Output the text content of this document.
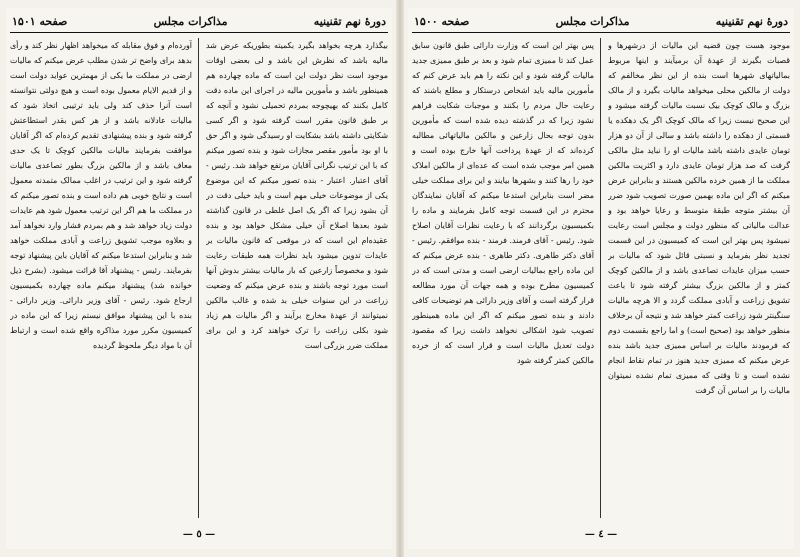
دورهٔ نهم تقنینیه
مذاکرات مجلس
صفحه ۱۵۰۱

بیگذارد هرچه بخواهد بگیرد بکمیته بطوریکه عرض شد مالیه باشد که نظرش این باشد و لی بعضی اوقات موجود است نظر دولت این است که ماده چهارده هم همینطور باشد و مأمورین مالیه در اجرای این ماده دقت کامل بکنند که بهیچوجه بمردم تحمیلی نشود و آنچه که بر طبق قانون مقرر است گرفته شود و اگر کسی شکایتی داشته باشد بشکایت او رسیدگی شود و اگر حق با او بود مأمور مقصر مجازات شود و بنده تصور میکنم که با این ترتیب نگرانی آقایان مرتفع خواهد شد. رئیس - آقای اعتبار. اعتبار - بنده تصور میکنم که این موضوع یکی از موضوعات خیلی مهم است و باید خیلی دقت در آن بشود زیرا که اگر یک اصل غلطی در قانون گذاشته شود بعدها اصلاح آن خیلی مشکل خواهد بود و بنده عقیده‌ام این است که در موقعی که قانون مالیات بر عایدات تدوین میشود باید نظرات همه طبقات رعایت شود و مخصوصاً زارعین که بار مالیات بیشتر بدوش آنها است مورد توجه باشند و بنده عرض میکنم که وضعیت زراعت در این سنوات خیلی بد شده و غالب مالکین نمیتوانند از عهدهٔ مخارج برآیند و اگر مالیات هم زیاد شود بکلی زراعت را ترک خواهند کرد و این برای مملکت ضرر بزرگی است

آورده‌ام و فوق مقابله که میخواهد اظهار نظر کند و رأی بدهد برای واضح تر شدن مطلب عرض میکنم که مالیات ارضی در مملکت ما یکی از مهمترین عواید دولت است و از قدیم الایام معمول بوده است و هیچ دولتی نتوانسته است آنرا حذف کند ولی باید ترتیبی اتخاذ شود که مالیات عادلانه باشد و از هر کس بقدر استطاعتش گرفته شود و بنده پیشنهادی تقدیم کرده‌ام که اگر آقایان موافقت بفرمایند مالیات مالکین کوچک تا یک حدی معاف باشد و از مالکین بزرگ بطور تصاعدی مالیات گرفته شود و این ترتیب در اغلب ممالک متمدنه معمول است و نتایج خوبی هم داده است و بنده تصور میکنم که در مملکت ما هم اگر این ترتیب معمول شود هم عایدات دولت زیاد خواهد شد و هم بمردم فشار وارد نخواهد آمد و بعلاوه موجب تشویق زراعت و آبادی مملکت خواهد شد و بنابراین استدعا میکنم که آقایان باین پیشنهاد توجه بفرمایند. رئیس - پیشنهاد آقا قرائت میشود. (بشرح ذیل خوانده شد) پیشنهاد میکنم ماده چهارده بکمیسیون ارجاع شود. رئیس - آقای وزیر دارائی. وزیر دارائی - بنده با این پیشنهاد موافق نیستم زیرا که این ماده در کمیسیون مکرر مورد مذاکره واقع شده است و ارتباط آن با مواد دیگر ملحوظ گردیده

— ٥ —
دورهٔ نهم تقنینیه
مذاکرات مجلس
صفحه ۱۵۰۰

موجود هست چون قضیه این مالیات از درشهرها و قصبات بگیرند از عهدهٔ آن برمیآیند و اینها مربوط بمالیاتهای شهرها است بنده از این نظر مخالفم که دولت از مالکین محلی میخواهد مالیات بگیرد و از مالک بزرگ و مالک کوچک بیک نسبت مالیات گرفته میشود و این صحیح نیست زیرا که مالک کوچک اگر یک دهکده یا قسمتی از دهکده را داشته باشد و سالی از آن دو هزار تومان عایدی داشته باشد مالیات او را نباید مثل مالکی گرفت که صد هزار تومان عایدی دارد و اکثریت مالکین مملکت ما از همین خرده مالکین هستند و بنابراین عرض میکنم که اگر این ماده بهمین صورت تصویب شود ضرر آن بیشتر متوجه طبقهٔ متوسط و رعایا خواهد بود و عدالت مالیاتی که منظور دولت و مجلس است رعایت نمیشود پس بهتر این است که کمیسیون در این قسمت تجدید نظر بفرماید و نسبتی قائل شود که مالیات بر حسب میزان عایدات تصاعدی باشد و از مالکین کوچک کمتر و از مالکین بزرگ بیشتر گرفته شود تا باعث تشویق زراعت و آبادی مملکت گردد و الا هرچه مالیات سنگینتر شود زراعت کمتر خواهد شد و نتیجه آن برخلاف منظور خواهد بود (صحیح است) و اما راجع بقسمت دوم که فرمودند مالیات بر اساس ممیزی جدید باشد بنده عرض میکنم که ممیزی جدید هنوز در تمام نقاط انجام نشده است و تا وقتی که ممیزی تمام نشده نمیتوان مالیات را بر اساس آن گرفت

پس بهتر این است که وزارت دارائی طبق قانون سابق عمل کند تا ممیزی تمام شود و بعد بر طبق ممیزی جدید مالیات گرفته شود و این نکته را هم باید عرض کنم که مأمورین مالیه باید اشخاص درستکار و مطلع باشند که رعایت حال مردم را بکنند و موجبات شکایت فراهم نشود زیرا که در گذشته دیده شده است که مأمورین بدون توجه بحال زارعین و مالکین مالیاتهائی مطالبه کرده‌اند که از عهدهٔ پرداخت آنها خارج بوده است و همین امر موجب شده است که عده‌ای از مالکین املاک خود را رها کنند و بشهرها بیایند و این برای مملکت خیلی مضر است بنابراین استدعا میکنم که آقایان نمایندگان محترم در این قسمت توجه کامل بفرمایند و ماده را بکمیسیون برگردانند که با رعایت نظرات آقایان اصلاح شود. رئیس - آقای فرمند. فرمند - بنده موافقم. رئیس - آقای دکتر طاهری. دکتر طاهری - بنده عرض میکنم که این ماده راجع بمالیات ارضی است و مدتی است که در کمیسیون مطرح بوده و همه جهات آن مورد مطالعه قرار گرفته است و آقای وزیر دارائی هم توضیحات کافی دادند و بنده تصور میکنم که اگر این ماده همینطور تصویب شود اشکالی نخواهد داشت زیرا که مقصود دولت تعدیل مالیات است و قرار است که از خرده مالکین کمتر گرفته شود

— ٤ —
